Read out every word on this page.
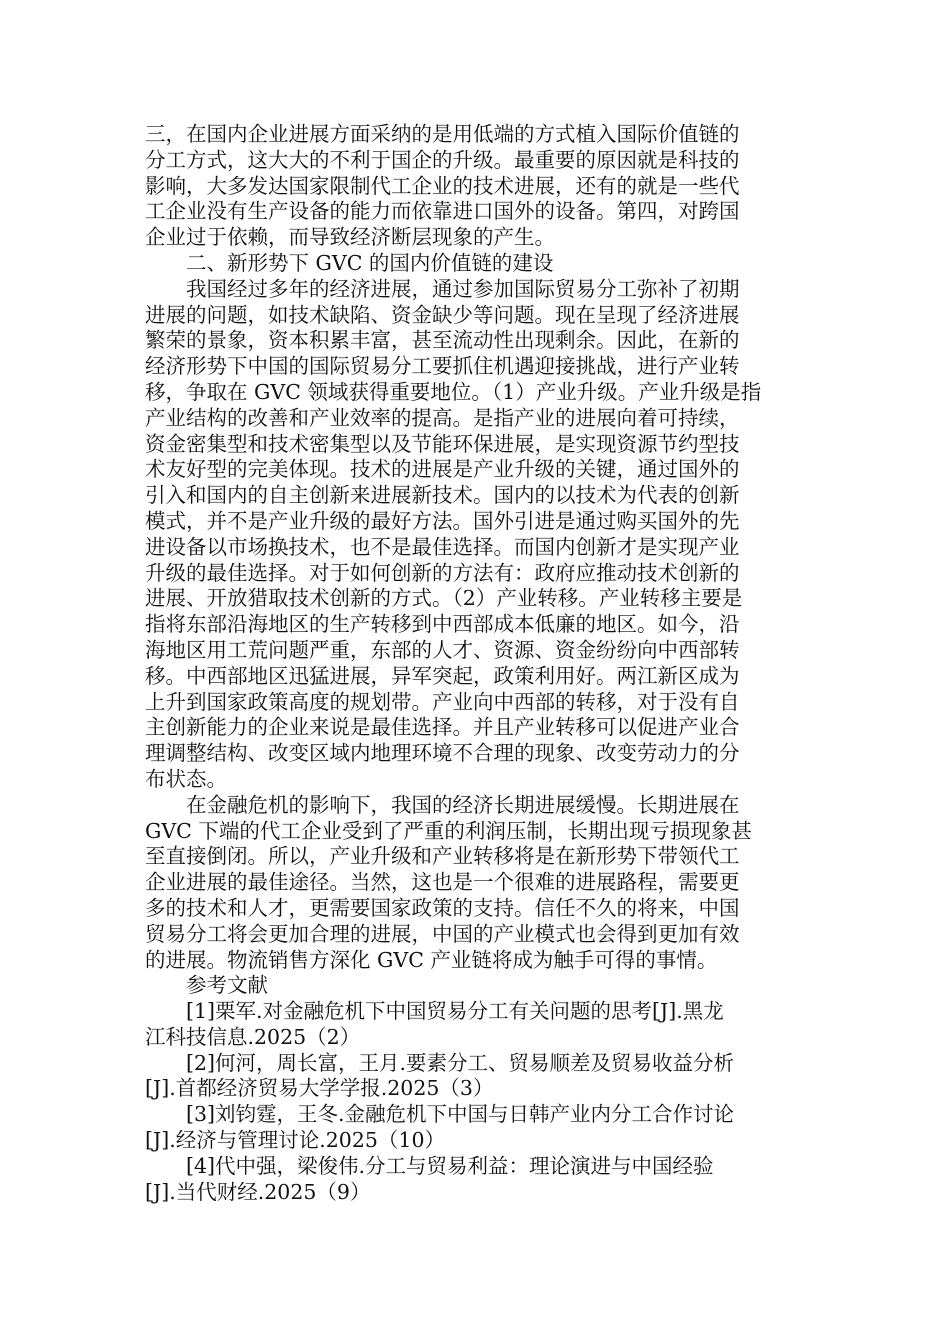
三，在国内企业进展方面采纳的是用低端的方式植入国际价值链的
分工方式，这大大的不利于国企的升级。最重要的原因就是科技的
影响，大多发达国家限制代工企业的技术进展，还有的就是一些代
工企业没有生产设备的能力而依靠进口国外的设备。第四，对跨国
企业过于依赖，而导致经济断层现象的产生。

二、新形势下 GVC 的国内价值链的建设

我国经过多年的经济进展，通过参加国际贸易分工弥补了初期
进展的问题，如技术缺陷、资金缺少等问题。现在呈现了经济进展
繁荣的景象，资本积累丰富，甚至流动性出现剩余。因此，在新的
经济形势下中国的国际贸易分工要抓住机遇迎接挑战，进行产业转
移，争取在 GVC 领域获得重要地位。（1）产业升级。产业升级是指
产业结构的改善和产业效率的提高。是指产业的进展向着可持续，
资金密集型和技术密集型以及节能环保进展，是实现资源节约型技
术友好型的完美体现。技术的进展是产业升级的关键，通过国外的
引入和国内的自主创新来进展新技术。国内的以技术为代表的创新
模式，并不是产业升级的最好方法。国外引进是通过购买国外的先
进设备以市场换技术，也不是最佳选择。而国内创新才是实现产业
升级的最佳选择。对于如何创新的方法有：政府应推动技术创新的
进展、开放猎取技术创新的方式。（2）产业转移。产业转移主要是
指将东部沿海地区的生产转移到中西部成本低廉的地区。如今，沿
海地区用工荒问题严重，东部的人才、资源、资金纷纷向中西部转
移。中西部地区迅猛进展，异军突起，政策利用好。两江新区成为
上升到国家政策高度的规划带。产业向中西部的转移，对于没有自
主创新能力的企业来说是最佳选择。并且产业转移可以促进产业合
理调整结构、改变区域内地理环境不合理的现象、改变劳动力的分
布状态。

在金融危机的影响下，我国的经济长期进展缓慢。长期进展在
GVC 下端的代工企业受到了严重的利润压制，长期出现亏损现象甚
至直接倒闭。所以，产业升级和产业转移将是在新形势下带领代工
企业进展的最佳途径。当然，这也是一个很难的进展路程，需要更
多的技术和人才，更需要国家政策的支持。信任不久的将来，中国
贸易分工将会更加合理的进展，中国的产业模式也会得到更加有效
的进展。物流销售方深化 GVC 产业链将成为触手可得的事情。

参考文献

[1]栗军.对金融危机下中国贸易分工有关问题的思考[J].黑龙
江科技信息.2025（2）

[2]何河，周长富，王月.要素分工、贸易顺差及贸易收益分析
[J].首都经济贸易大学学报.2025（3）

[3]刘钧霆，王冬.金融危机下中国与日韩产业内分工合作讨论
[J].经济与管理讨论.2025（10）

[4]代中强，梁俊伟.分工与贸易利益：理论演进与中国经验
[J].当代财经.2025（9）
